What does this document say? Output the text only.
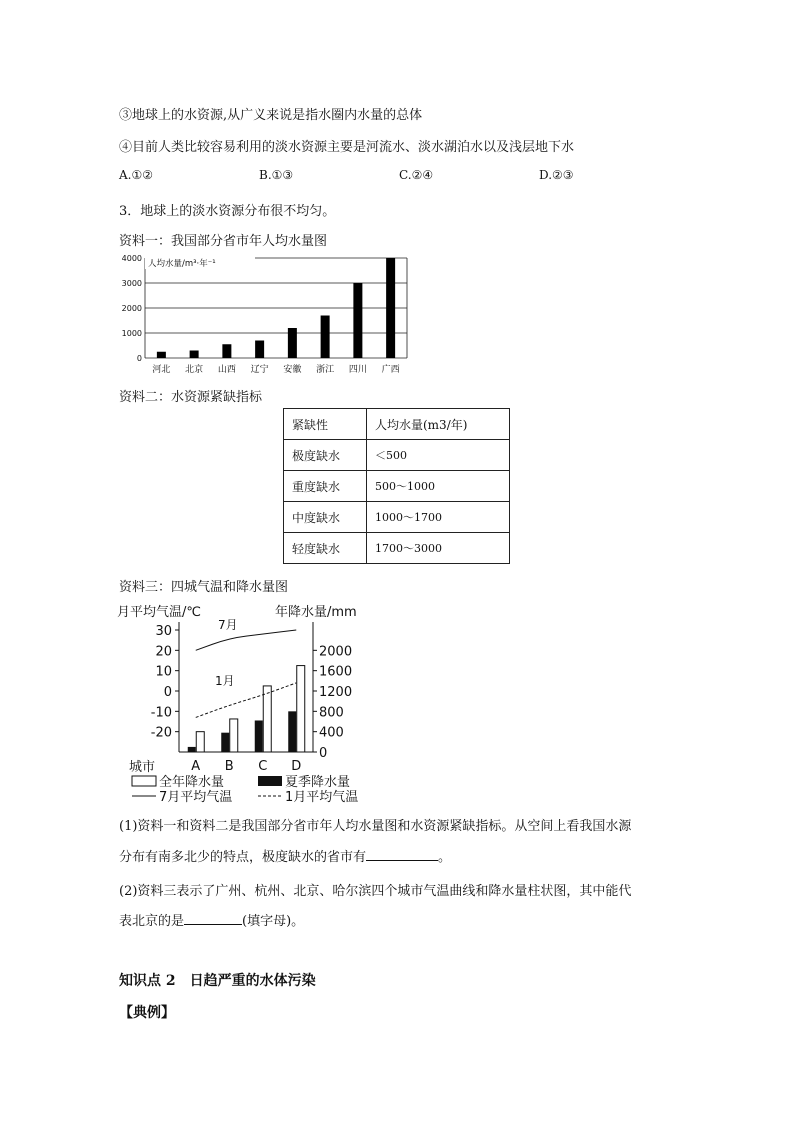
③地球上的水资源,从广义来说是指水圈内水量的总体
④目前人类比较容易利用的淡水资源主要是河流水、淡水湖泊水以及浅层地下水
A.①②	B.①③	C.②④	D.②③
3．地球上的淡水资源分布很不均匀。
资料一：我国部分省市年人均水量图
0
1000
2000
3000
4000
河北 北京 山西 辽宁 安徽 浙江 四川 广西
人均水量/m³·年⁻¹
资料二：水资源紧缺指标
紧缺性	人均水量(m3/年)
极度缺水	＜500
重度缺水	500～1000
中度缺水	1000～1700
轻度缺水	1700～3000
资料三：四城气温和降水量图
月平均气温/℃	年降水量/mm
30
20
10
0
-10
-20
2000
1600
1200
800
400
0
A B C D
7月
1月
城市
全年降水量	夏季降水量
7月平均气温	1月平均气温
(1)资料一和资料二是我国部分省市年人均水量图和水资源紧缺指标。从空间上看我国水源
分布有南多北少的特点，极度缺水的省市有	。
(2)资料三表示了广州、杭州、北京、哈尔滨四个城市气温曲线和降水量柱状图，其中能代
表北京的是	(填字母)。
知识点 2　日趋严重的水体污染
【典例】
